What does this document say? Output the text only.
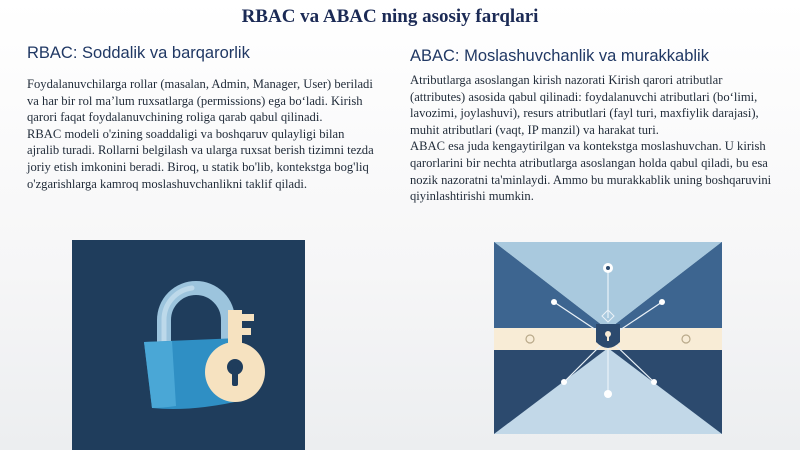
RBAC va ABAC ning asosiy farqlari
RBAC: Soddalik va barqarorlik

Foydalanuvchilarga rollar (masalan, Admin, Manager, User) beriladi va har bir rol ma’lum ruxsatlarga (permissions) ega boʻladi. Kirish qarori faqat foydalanuvchining roliga qarab qabul qilinadi.

RBAC modeli o'zining soaddaligi va boshqaruv qulayligi bilan ajralib turadi. Rollarni belgilash va ularga ruxsat berish tizimni tezda joriy etish imkonini beradi. Biroq, u statik bo'lib, kontekstga bog'liq o'zgarishlarga kamroq moslashuvchanlikni taklif qiladi.

ABAC: Moslashuvchanlik va murakkablik

Atributlarga asoslangan kirish nazorati Kirish qarori atributlar (attributes) asosida qabul qilinadi: foydalanuvchi atributlari (boʻlimi, lavozimi, joylashuvi), resurs atributlari (fayl turi, maxfiylik darajasi), muhit atributlari (vaqt, IP manzil) va harakat turi.

ABAC esa juda kengaytirilgan va kontekstga moslashuvchan. U kirish qarorlarini bir nechta atributlarga asoslangan holda qabul qiladi, bu esa nozik nazoratni ta'minlaydi. Ammo bu murakkablik uning boshqaruvini qiyinlashtirishi mumkin.
